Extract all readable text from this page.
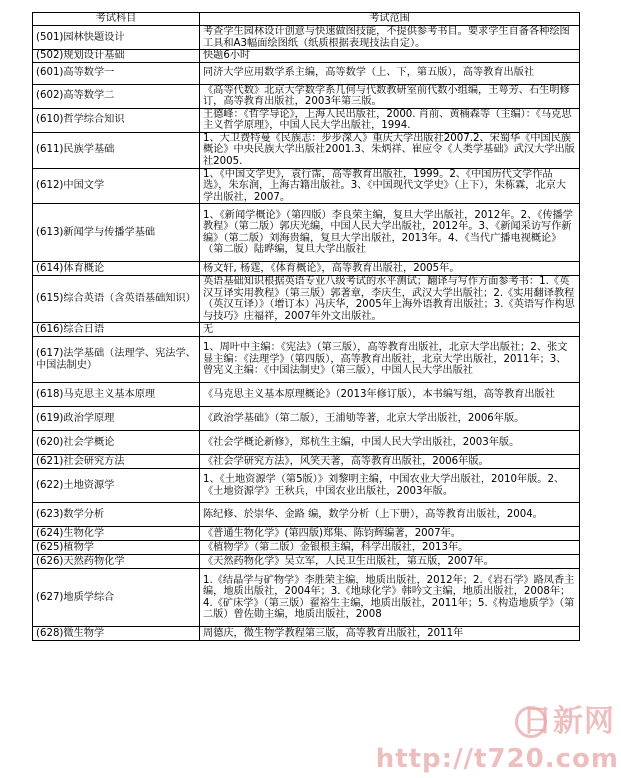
考试科目	考试范围
(501)园林快题设计	考查学生园林设计创意与快速做图技能，不提供参考书目。要求学生自备各种绘图工具和A3幅面绘图纸（纸质根据表现技法自定）。
(502)规划设计基础	快题6小时
(601)高等数学一	同济大学应用数学系主编，高等数学（上、下，第五版），高等教育出版社
(602)高等数学二	《高等代数》北京大学数学系几何与代数教研室前代数小组编，王萼芳、石生明修订，高等教育出版社，2003年第三版。
(610)哲学综合知识	王德峰：《哲学导论》，上海人民出版社，2000. 肖前、黄楠森等（主编）：《马克思主义哲学原理》，中国人民大学出版社，1994.
(611)民族学基础	1、大卫费特曼《民族志：步步深入》重庆大学出版社2007.2、宋蜀华《中国民族概论》中央民族大学出版社2001.3、朱炳祥、崔应令《人类学基础》武汉大学出版社2005.
(612)中国文学	1、《中国文学史》，袁行霈，高等教育出版社，1999。2、《中国历代文学作品选》，朱东润，上海古籍出版社。3、《中国现代文学史》（上下），朱栋霖，北京大学出版社，2007。
(613)新闻学与传播学基础	1、《新闻学概论》（第四版）李良荣主编，复旦大学出版社，2012年。2、《传播学教程》（第二版）郭庆光编，中国人民大学出版社，2012年。3、《新闻采访写作新编》（第二版）刘海贵编，复旦大学出版社，2013年。4、《当代广播电视概论》（第二版）陆晔编，复旦大学出版社
(614)体育概论	杨文轩, 杨霆，《体育概论》，高等教育出版社，2005年。
(615)综合英语（含英语基础知识）	英语基础知识根据英语专业八级考试的水平测试；翻译与写作方面参考书：1.《英汉互译实用教程》（第三版）郭著章，李庆生，武汉大学出版社；2.《实用翻译教程（英汉互译）》（增订本）冯庆华，2005年上海外语教育出版社；3.《英语写作构思与技巧》庄福祥，2007年外文出版社。
(616)综合日语	无
(617)法学基础（法理学、宪法学、中国法制史）	1、周叶中主编：《宪法》（第三版），高等教育出版社，北京大学出版社；2、张文显主编：《法理学》（第四版），高等教育出版社，北京大学出版社，2011年；3、曾宪义主编：《中国法制史》（第三版），中国人民大学出版社
(618)马克思主义基本原理	《马克思主义基本原理概论》（2013年修订版），本书编写组，高等教育出版社
(619)政治学原理	《政治学基础》（第二版），王浦劬等著，北京大学出版社，2006年版。
(620)社会学概论	《社会学概论新修》，郑杭生主编，中国人民大学出版社，2003年版。
(621)社会研究方法	《社会学研究方法》，风笑天著，高等教育出版社，2006年版。
(622)土地资源学	1、《土地资源学（第5版）》刘黎明主编，中国农业大学出版社，2010年版。2、《土地资源学》王秋兵，中国农业出版社，2003年版。
(623)数学分析	陈纪修、於崇华、金路 编，数学分析（上下册），高等教育出版社，2004。
(624)生物化学	《普通生物化学》(第四版)郑集、陈钧辉编著，2007年。
(625)植物学	《植物学》（第二版）金银根主编，科学出版社，2013年。
(626)天然药物化学	《天然药物化学》吴立军，人民卫生出版社，第五版，2007年。
(627)地质学综合	1.《结晶学与矿物学》李胜荣主编，地质出版社，2012年；2.《岩石学》路凤香主编，地质出版社，2004年；3.《地球化学》韩吟文主编，地质出版社，2008年；4.《矿床学》（第三版）翟裕生主编，地质出版社，2011年；5.《构造地质学》（第二版）曾佐勋主编，地质出版社，2008
(628)微生物学	周德庆，微生物学教程第三版，高等教育出版社，2011年
日新网
http://t720.com
